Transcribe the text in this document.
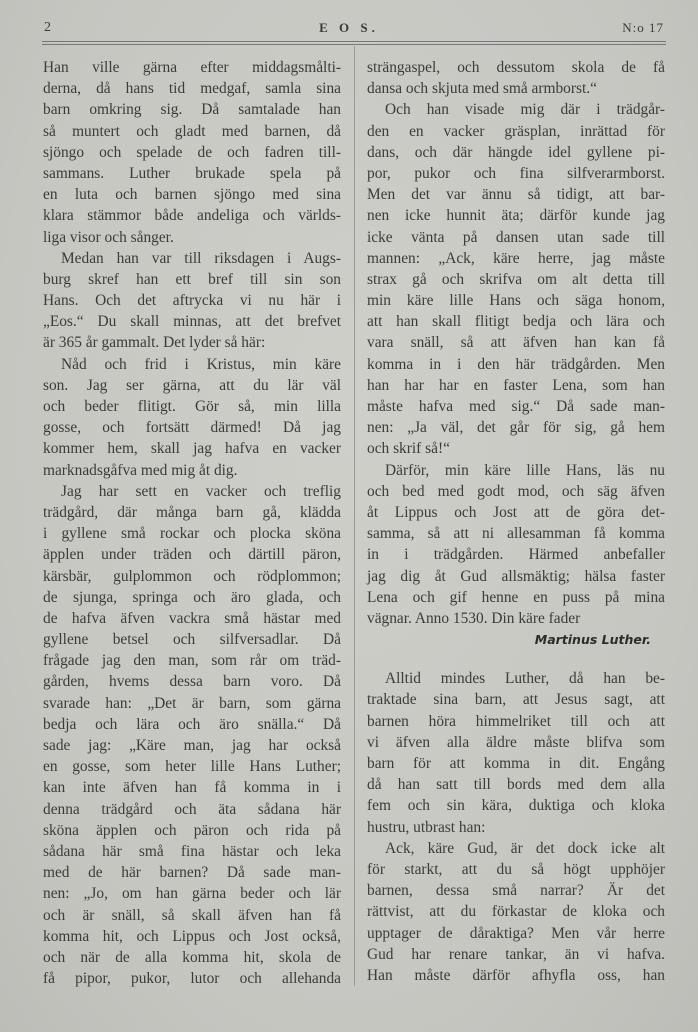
2	E O S.	N:o 17
Han ville gärna efter middagsmålti-
derna, då hans tid medgaf, samla sina
barn omkring sig. Då samtalade han
så muntert och gladt med barnen, då
sjöngo och spelade de och fadren till-
sammans. Luther brukade spela på
en luta och barnen sjöngo med sina
klara stämmor både andeliga och världs-
liga visor och sånger.
Medan han var till riksdagen i Augs-
burg skref han ett bref till sin son
Hans. Och det aftrycka vi nu här i
„Eos.“ Du skall minnas, att det brefvet
är 365 år gammalt. Det lyder så här:
Nåd och frid i Kristus, min käre
son. Jag ser gärna, att du lär väl
och beder flitigt. Gör så, min lilla
gosse, och fortsätt därmed! Då jag
kommer hem, skall jag hafva en vacker
marknadsgåfva med mig åt dig.
Jag har sett en vacker och treflig
trädgård, där många barn gå, klädda
i gyllene små rockar och plocka sköna
äpplen under träden och därtill päron,
kärsbär, gulplommon och rödplommon;
de sjunga, springa och äro glada, och
de hafva äfven vackra små hästar med
gyllene betsel och silfversadlar. Då
frågade jag den man, som rår om träd-
gården, hvems dessa barn voro. Då
svarade han: „Det är barn, som gärna
bedja och lära och äro snälla.“ Då
sade jag: „Käre man, jag har också
en gosse, som heter lille Hans Luther;
kan inte äfven han få komma in i
denna trädgård och äta sådana här
sköna äpplen och päron och rida på
sådana här små fina hästar och leka
med de här barnen? Då sade man-
nen: „Jo, om han gärna beder och lär
och är snäll, så skall äfven han få
komma hit, och Lippus och Jost också,
och när de alla komma hit, skola de
få pipor, pukor, lutor och allehanda
strängaspel, och dessutom skola de få
dansa och skjuta med små armborst.“
Och han visade mig där i trädgår-
den en vacker gräsplan, inrättad för
dans, och där hängde idel gyllene pi-
por, pukor och fina silfverarmborst.
Men det var ännu så tidigt, att bar-
nen icke hunnit äta; därför kunde jag
icke vänta på dansen utan sade till
mannen: „Ack, käre herre, jag måste
strax gå och skrifva om alt detta till
min käre lille Hans och säga honom,
att han skall flitigt bedja och lära och
vara snäll, så att äfven han kan få
komma in i den här trädgården. Men
han har har en faster Lena, som han
måste hafva med sig.“ Då sade man-
nen: „Ja väl, det går för sig, gå hem
och skrif så!“
Därför, min käre lille Hans, läs nu
och bed med godt mod, och säg äfven
åt Lippus och Jost att de göra det-
samma, så att ni allesamman få komma
in i trädgården. Härmed anbefaller
jag dig åt Gud allsmäktig; hälsa faster
Lena och gif henne en puss på mina
vägnar. Anno 1530. Din käre fader
Martinus Luther.
Alltid mindes Luther, då han be-
traktade sina barn, att Jesus sagt, att
barnen höra himmelriket till och att
vi äfven alla äldre måste blifva som
barn för att komma in dit. Engång
då han satt till bords med dem alla
fem och sin kära, duktiga och kloka
hustru, utbrast han:
Ack, käre Gud, är det dock icke alt
för starkt, att du så högt upphöjer
barnen, dessa små narrar? Är det
rättvist, att du förkastar de kloka och
upptager de dåraktiga? Men vår herre
Gud har renare tankar, än vi hafva.
Han måste därför afhyfla oss, han
